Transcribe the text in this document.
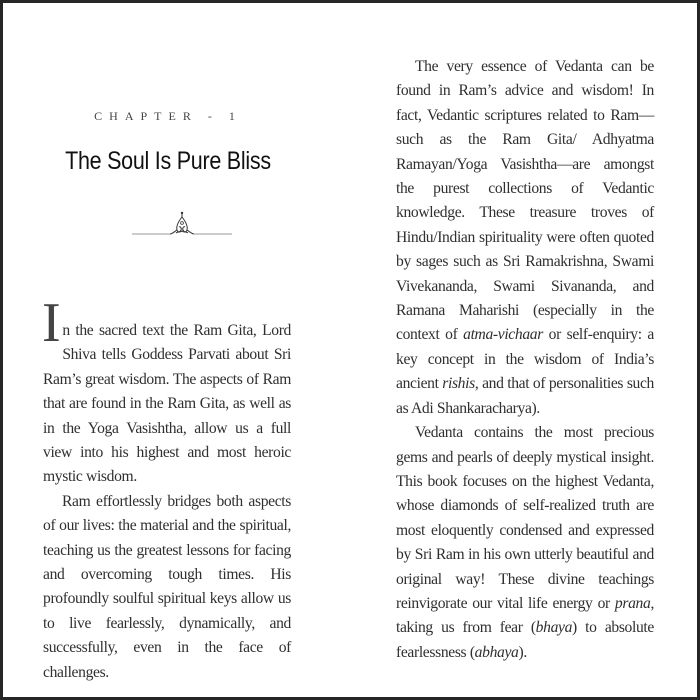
CHAPTER - 1
The Soul Is Pure Bliss

In the sacred text the Ram Gita, Lord Shiva tells Goddess Parvati about Sri Ram’s great wisdom. The aspects of Ram that are found in the Ram Gita, as well as in the Yoga Vasishtha, allow us a full view into his highest and most heroic mystic wisdom.

Ram effortlessly bridges both aspects of our lives: the material and the spiritual, teaching us the greatest lessons for facing and overcoming tough times. His profoundly soulful spiritual keys allow us to live fearlessly, dynamically, and successfully, even in the face of challenges.

The very essence of Vedanta can be found in Ram’s advice and wisdom! In fact, Vedantic scriptures related to Ram—such as the Ram Gita/ Adhyatma Ramayan/Yoga Vasishtha—are amongst the purest collections of Vedantic knowledge. These treasure troves of Hindu/Indian spirituality were often quoted by sages such as Sri Ramakrishna, Swami Vivekananda, Swami Sivananda, and Ramana Maharishi (especially in the context of atma-vichaar or self-enquiry: a key concept in the wisdom of India’s ancient rishis, and that of personalities such as Adi Shankaracharya).

Vedanta contains the most precious gems and pearls of deeply mystical insight. This book focuses on the highest Vedanta, whose diamonds of self-realized truth are most eloquently condensed and expressed by Sri Ram in his own utterly beautiful and original way! These divine teachings reinvigorate our vital life energy or prana, taking us from fear (bhaya) to absolute fearlessness (abhaya).
